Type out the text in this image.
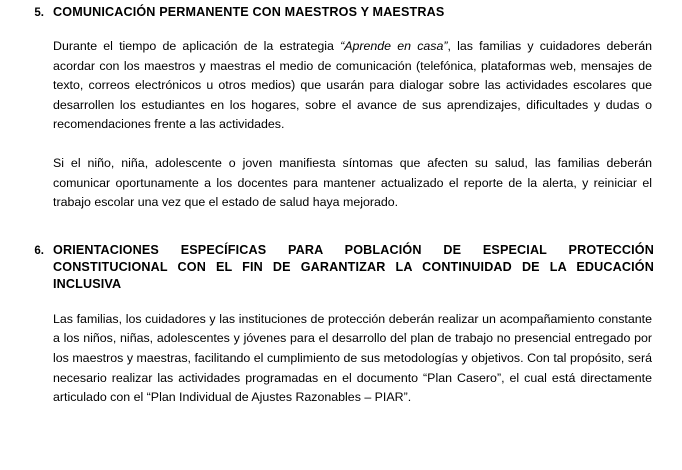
5. COMUNICACIÓN PERMANENTE CON MAESTROS Y MAESTRAS
Durante el tiempo de aplicación de la estrategia “Aprende en casa”, las familias y cuidadores deberán acordar con los maestros y maestras el medio de comunicación (telefónica, plataformas web, mensajes de texto, correos electrónicos u otros medios) que usarán para dialogar sobre las actividades escolares que desarrollen los estudiantes en los hogares, sobre el avance de sus aprendizajes, dificultades y dudas o recomendaciones frente a las actividades.
Si el niño, niña, adolescente o joven manifiesta síntomas que afecten su salud, las familias deberán comunicar oportunamente a los docentes para mantener actualizado el reporte de la alerta, y reiniciar el trabajo escolar una vez que el estado de salud haya mejorado.
6. ORIENTACIONES ESPECÍFICAS PARA POBLACIÓN DE ESPECIAL PROTECCIÓN CONSTITUCIONAL CON EL FIN DE GARANTIZAR LA CONTINUIDAD DE LA EDUCACIÓN INCLUSIVA
Las familias, los cuidadores y las instituciones de protección deberán realizar un acompañamiento constante a los niños, niñas, adolescentes y jóvenes para el desarrollo del plan de trabajo no presencial entregado por los maestros y maestras, facilitando el cumplimiento de sus metodologías y objetivos. Con tal propósito, será necesario realizar las actividades programadas en el documento “Plan Casero”, el cual está directamente articulado con el “Plan Individual de Ajustes Razonables – PIAR”.
